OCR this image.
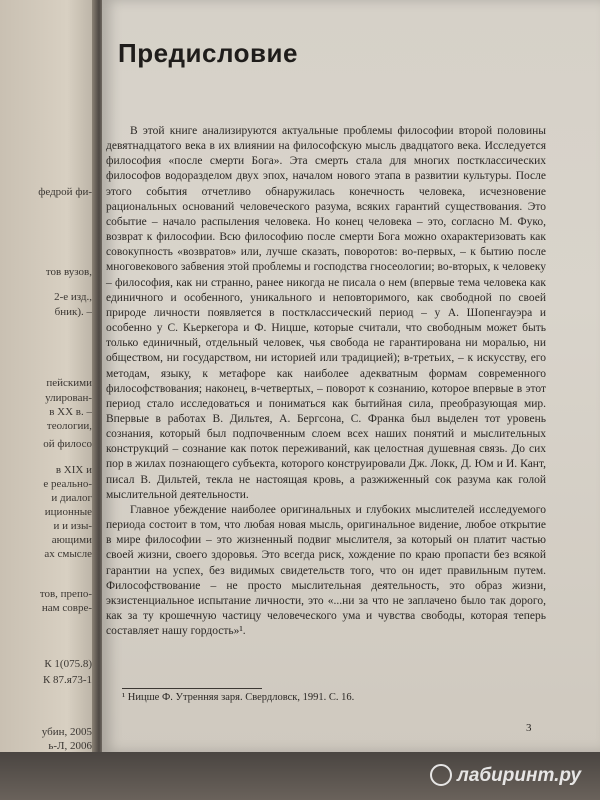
федрой фи-
тов вузов,
2-е изд.,
бник). –
пейскими
улирован-
в XX в. –
теологии,
ой филосо
в XIX и
е реально-
и диалог
иционные
и и изы-
ающими
ах смысле
тов, препо-
нам совре-
К 1(075.8)
К 87.я73-1
убин, 2005
ь-Л, 2006
Предисловие

В этой книге анализируются актуальные проблемы философии второй половины девятнадцатого века в их влиянии на философскую мысль двадцатого века. Исследуется философия «после смерти Бога». Эта смерть стала для многих постклассических философов водоразделом двух эпох, началом нового этапа в развитии культуры. После этого события отчетливо обнаружилась конечность человека, исчезновение рациональных оснований человеческого разума, всяких гарантий существования. Это событие – начало распыления человека. Но конец человека – это, согласно М. Фуко, возврат к философии. Всю философию после смерти Бога можно охарактеризовать как совокупность «возвратов» или, лучше сказать, поворотов: во-первых, – к бытию после многовекового забвения этой проблемы и господства гносеологии; во-вторых, к человеку – философия, как ни странно, ранее никогда не писала о нем (впервые тема человека как единичного и особенного, уникального и неповторимого, как свободной по своей природе личности появляется в постклассический период – у А. Шопенгауэра и особенно у С. Кьеркегора и Ф. Ницше, которые считали, что свободным может быть только единичный, отдельный человек, чья свобода не гарантирована ни моралью, ни обществом, ни государством, ни историей или традицией); в-третьих, – к искусству, его методам, языку, к метафоре как наиболее адекватным формам современного философствования; наконец, в-четвертых, – поворот к сознанию, которое впервые в этот период стало исследоваться и пониматься как бытийная сила, преобразующая мир. Впервые в работах В. Дильтея, А. Бергсона, С. Франка был выделен тот уровень сознания, который был подпочвенным слоем всех наших понятий и мыслительных конструкций – сознание как поток переживаний, как целостная душевная связь. До сих пор в жилах познающего субъекта, которого конструировали Дж. Локк, Д. Юм и И. Кант, писал В. Дильтей, текла не настоящая кровь, а разжиженный сок разума как голой мыслительной деятельности.

Главное убеждение наиболее оригинальных и глубоких мыслителей исследуемого периода состоит в том, что любая новая мысль, оригинальное видение, любое открытие в мире философии – это жизненный подвиг мыслителя, за который он платит частью своей жизни, своего здоровья. Это всегда риск, хождение по краю пропасти без всякой гарантии на успех, без видимых свидетельств того, что он идет правильным путем. Философствование – не просто мыслительная деятельность, это образ жизни, экзистенциальное испытание личности, это «...ни за что не заплачено было так дорого, как за ту крошечную частицу человеческого ума и чувства свободы, которая теперь составляет нашу гордость»¹.

¹ Ницше Ф. Утренняя заря. Свердловск, 1991. С. 16.
3
лабиринт.ру
